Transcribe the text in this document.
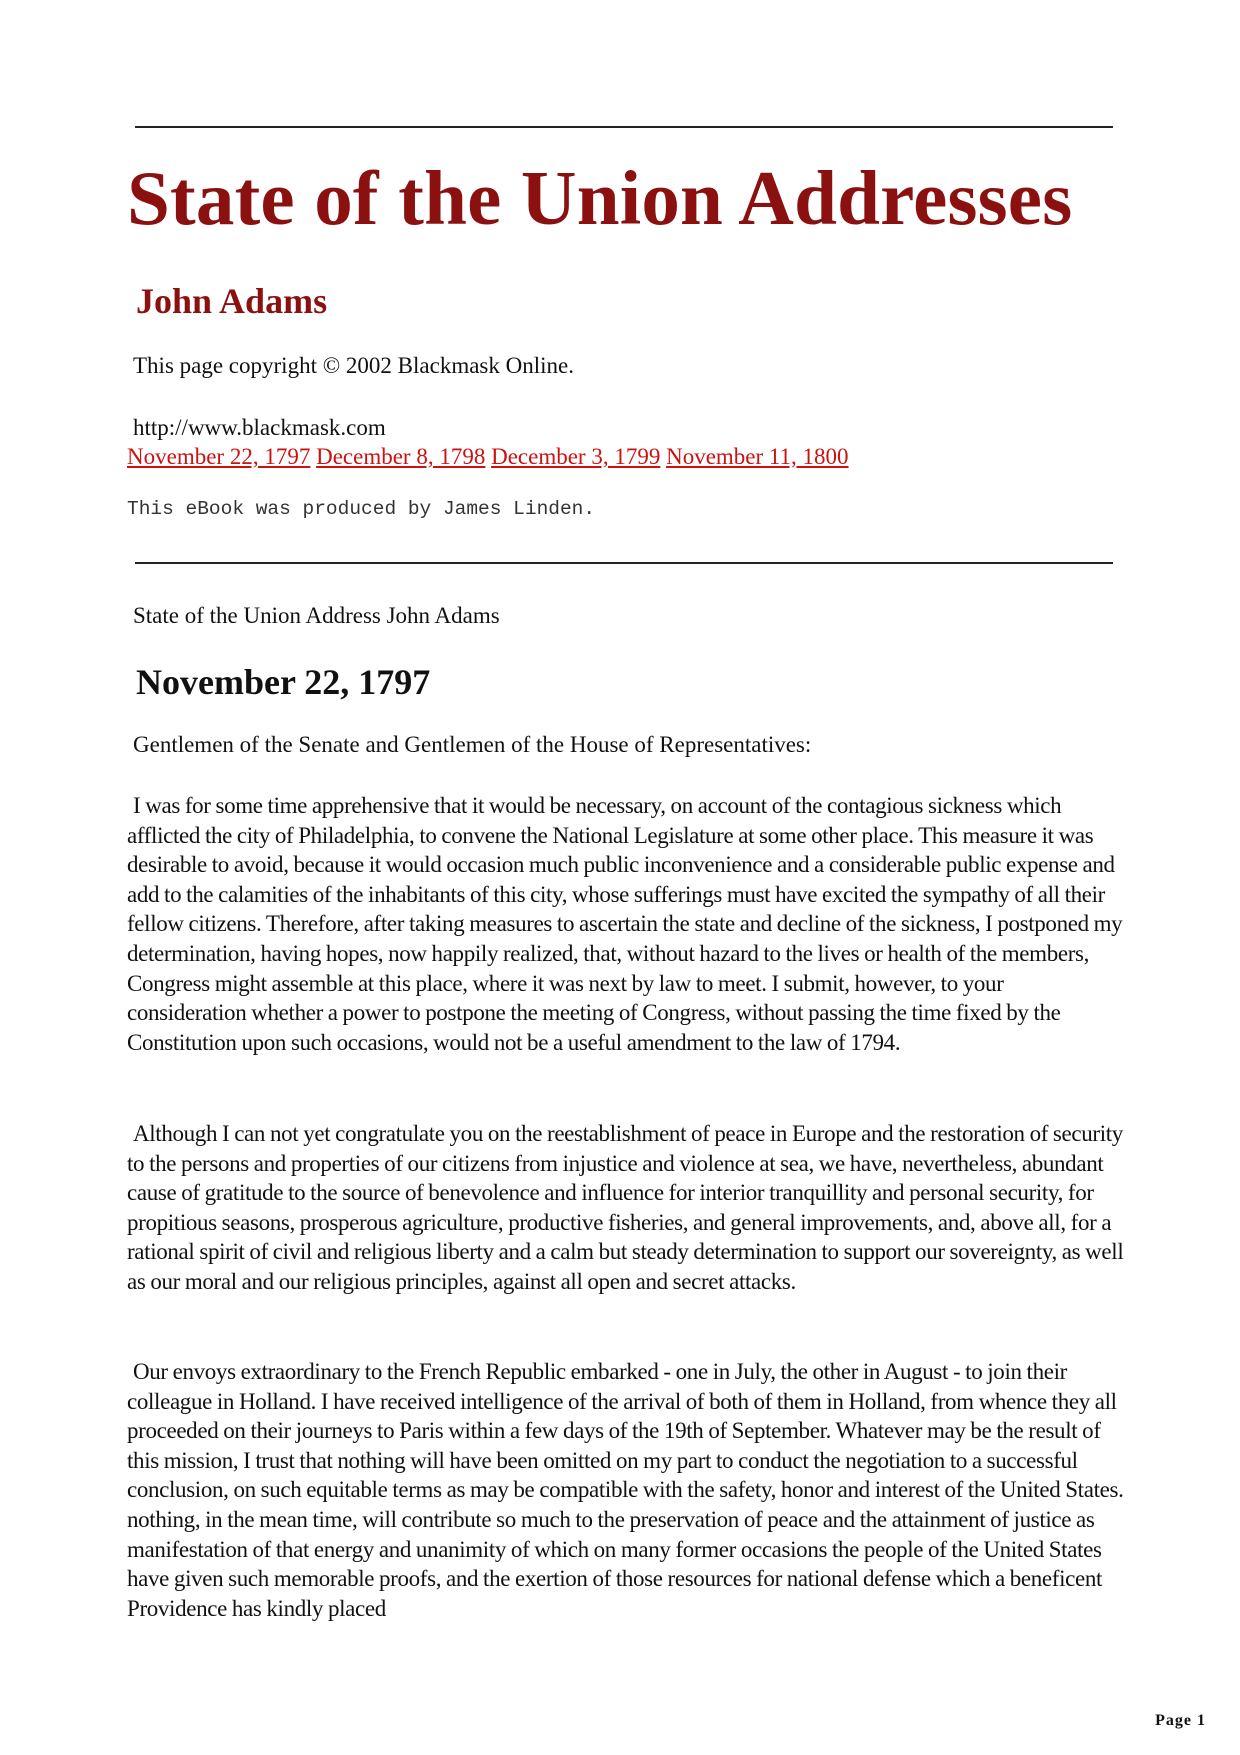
State of the Union Addresses
John Adams
This page copyright © 2002 Blackmask Online.
http://www.blackmask.com
November 22, 1797 December 8, 1798 December 3, 1799 November 11, 1800
This eBook was produced by James Linden.
State of the Union Address John Adams
November 22, 1797
Gentlemen of the Senate and Gentlemen of the House of Representatives:

I was for some time apprehensive that it would be necessary, on account of the contagious sickness which afflicted the city of Philadelphia, to convene the National Legislature at some other place. This measure it was desirable to avoid, because it would occasion much public inconvenience and a considerable public expense and add to the calamities of the inhabitants of this city, whose sufferings must have excited the sympathy of all their fellow citizens. Therefore, after taking measures to ascertain the state and decline of the sickness, I postponed my determination, having hopes, now happily realized, that, without hazard to the lives or health of the members, Congress might assemble at this place, where it was next by law to meet. I submit, however, to your consideration whether a power to postpone the meeting of Congress, without passing the time fixed by the Constitution upon such occasions, would not be a useful amendment to the law of 1794.

Although I can not yet congratulate you on the reestablishment of peace in Europe and the restoration of security to the persons and properties of our citizens from injustice and violence at sea, we have, nevertheless, abundant cause of gratitude to the source of benevolence and influence for interior tranquillity and personal security, for propitious seasons, prosperous agriculture, productive fisheries, and general improvements, and, above all, for a rational spirit of civil and religious liberty and a calm but steady determination to support our sovereignty, as well as our moral and our religious principles, against all open and secret attacks.

Our envoys extraordinary to the French Republic embarked - one in July, the other in August - to join their colleague in Holland. I have received intelligence of the arrival of both of them in Holland, from whence they all proceeded on their journeys to Paris within a few days of the 19th of September. Whatever may be the result of this mission, I trust that nothing will have been omitted on my part to conduct the negotiation to a successful conclusion, on such equitable terms as may be compatible with the safety, honor and interest of the United States. nothing, in the mean time, will contribute so much to the preservation of peace and the attainment of justice as manifestation of that energy and unanimity of which on many former occasions the people of the United States have given such memorable proofs, and the exertion of those resources for national defense which a beneficent Providence has kindly placed

Page 1
